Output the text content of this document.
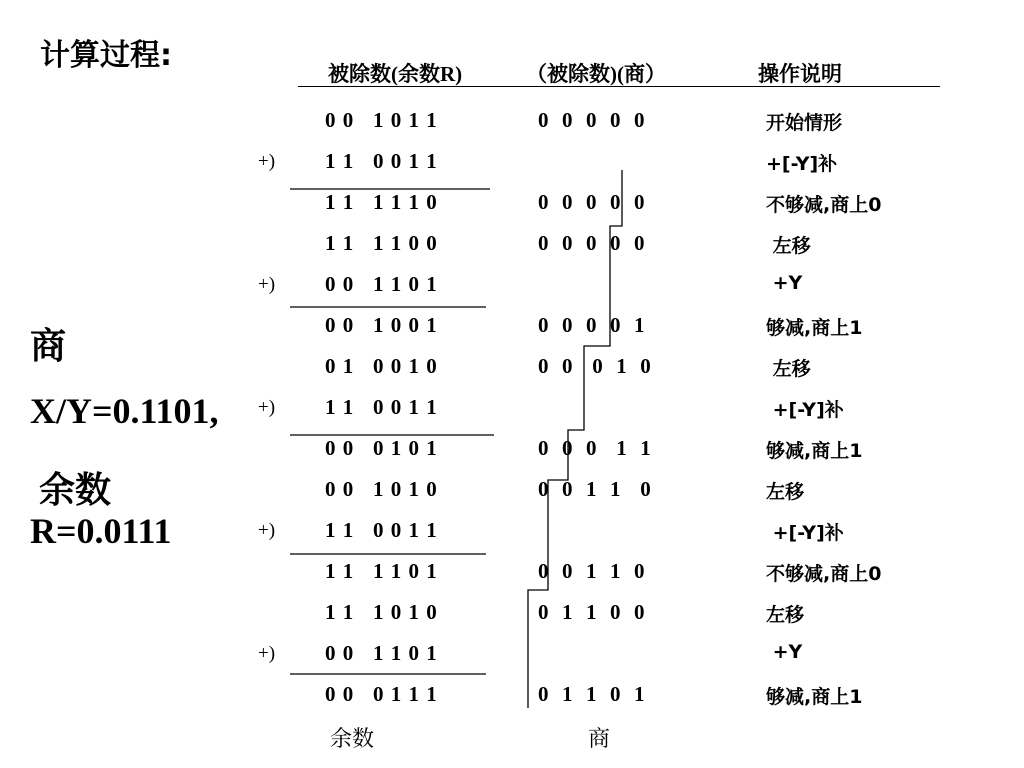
计算过程:
被除数(余数R)	（被除数)(商）	操作说明
商
X/Y=0.1101,
余数
R=0.0111
0 0   1 0 1 1	0  0  0  0  0	开始情形
+) 1 1   0 0 1 1	+[-Y]补
1 1   1 1 1 0	0  0  0  0  0	不够减,商上0
1 1   1 1 0 0	0  0  0  0  0	左移
+) 0 0   1 1 0 1	+Y
0 0   1 0 0 1	0  0  0  0  1	够减,商上1
0 1   0 0 1 0	0  0   0  1  0	左移
+) 1 1   0 0 1 1	+[-Y]补
0 0   0 1 0 1	0  0  0   1  1	够减,商上1
0 0   1 0 1 0	0  0  1  1   0	左移
+) 1 1   0 0 1 1	+[-Y]补
1 1   1 1 0 1	0  0  1  1  0	不够减,商上0
1 1   1 0 1 0	0  1  1  0  0	左移
+) 0 0   1 1 0 1	+Y
0 0   0 1 1 1	0  1  1  0  1	够减,商上1
余数	商
